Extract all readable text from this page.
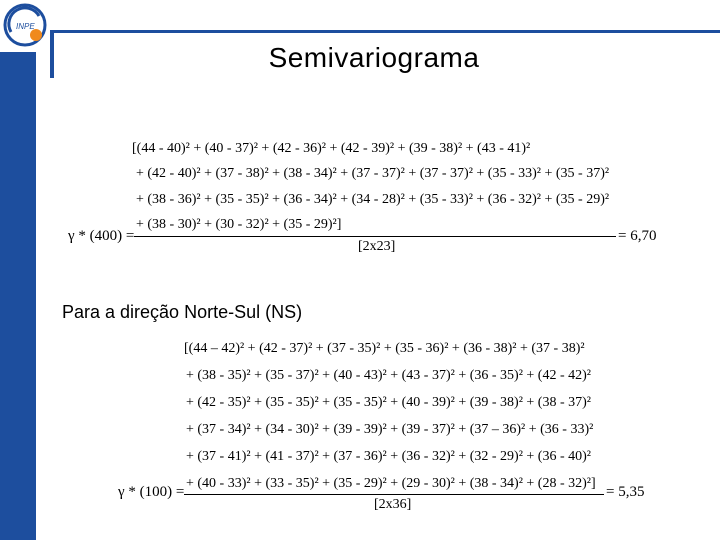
INPE
Semivariograma
[(44 - 40)² + (40 - 37)² + (42 - 36)² + (42 - 39)² + (39 - 38)² + (43 - 41)²
+ (42 - 40)² + (37 - 38)² + (38 - 34)² + (37 - 37)² + (37 - 37)² + (35 - 33)² + (35 - 37)²
+ (38 - 36)² + (35 - 35)² + (36 - 34)² + (34 - 28)² + (35 - 33)² + (36 - 32)² + (35 - 29)²
+ (38 - 30)² + (30 - 32)² + (35 - 29)²]
γ * (400) =
[2x23]
= 6,70
Para a direção Norte-Sul (NS)
[(44 – 42)² + (42 - 37)² + (37 - 35)² + (35 - 36)² + (36 - 38)² + (37 - 38)²
+ (38 - 35)² + (35 - 37)² + (40 - 43)² + (43 - 37)² + (36 - 35)² + (42 - 42)²
+ (42 - 35)² + (35 - 35)² + (35 - 35)² + (40 - 39)² + (39 - 38)² + (38 - 37)²
+ (37 - 34)² + (34 - 30)² + (39 - 39)² + (39 - 37)² + (37 – 36)² + (36 - 33)²
+ (37 - 41)² + (41 - 37)² + (37 - 36)² + (36 - 32)² + (32 - 29)² + (36 - 40)²
+ (40 - 33)² + (33 - 35)² + (35 - 29)² + (29 - 30)² + (38 - 34)² + (28 - 32)²]
γ * (100) =
[2x36]
= 5,35
